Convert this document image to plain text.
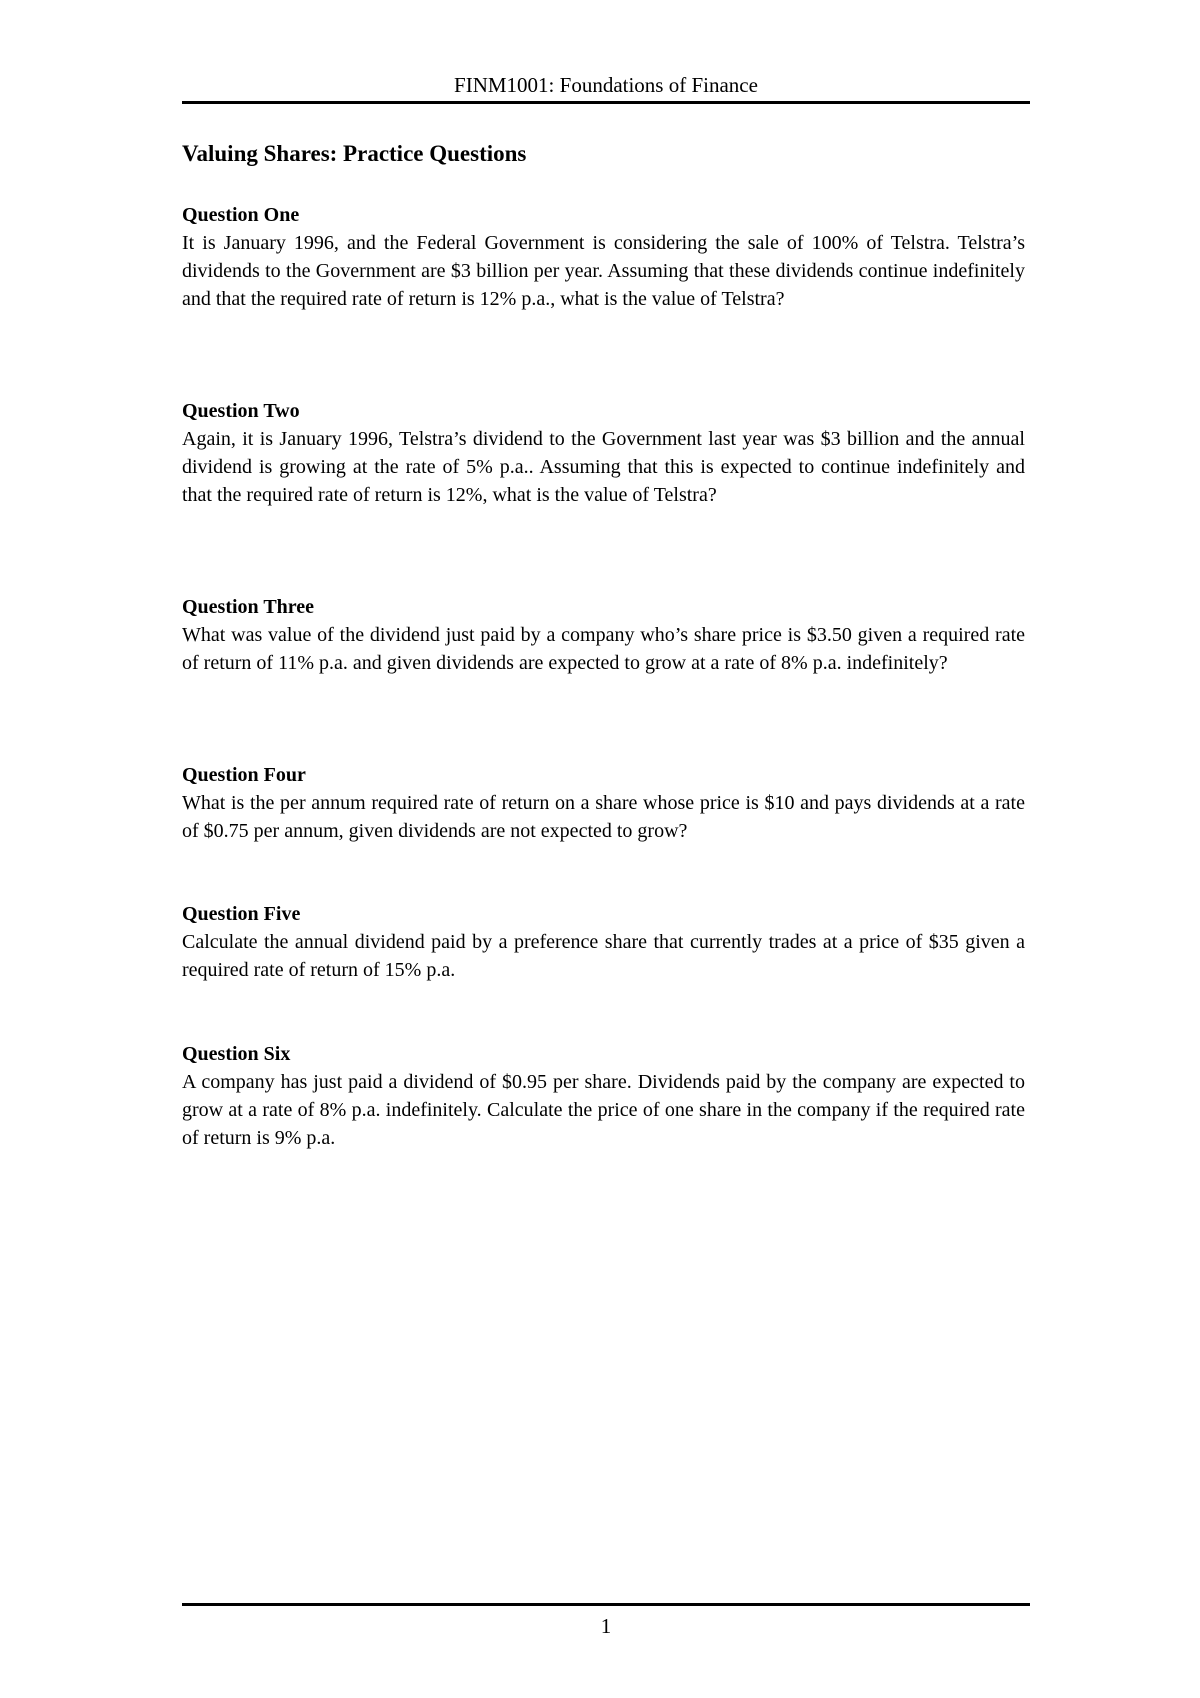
FINM1001: Foundations of Finance
Valuing Shares: Practice Questions
Question One
It is January 1996, and the Federal Government is considering the sale of 100% of Telstra. Telstra’s dividends to the Government are $3 billion per year. Assuming that these dividends continue indefinitely and that the required rate of return is 12% p.a., what is the value of Telstra?
Question Two
Again, it is January 1996, Telstra’s dividend to the Government last year was $3 billion and the annual dividend is growing at the rate of 5% p.a.. Assuming that this is expected to continue indefinitely and that the required rate of return is 12%, what is the value of Telstra?
Question Three
What was value of the dividend just paid by a company who’s share price is $3.50 given a required rate of return of 11% p.a. and given dividends are expected to grow at a rate of 8% p.a. indefinitely?
Question Four
What is the per annum required rate of return on a share whose price is $10 and pays dividends at a rate of $0.75 per annum, given dividends are not expected to grow?
Question Five
Calculate the annual dividend paid by a preference share that currently trades at a price of $35 given a required rate of return of 15% p.a.
Question Six
A company has just paid a dividend of $0.95 per share. Dividends paid by the company are expected to grow at a rate of 8% p.a. indefinitely. Calculate the price of one share in the company if the required rate of return is 9% p.a.
1
